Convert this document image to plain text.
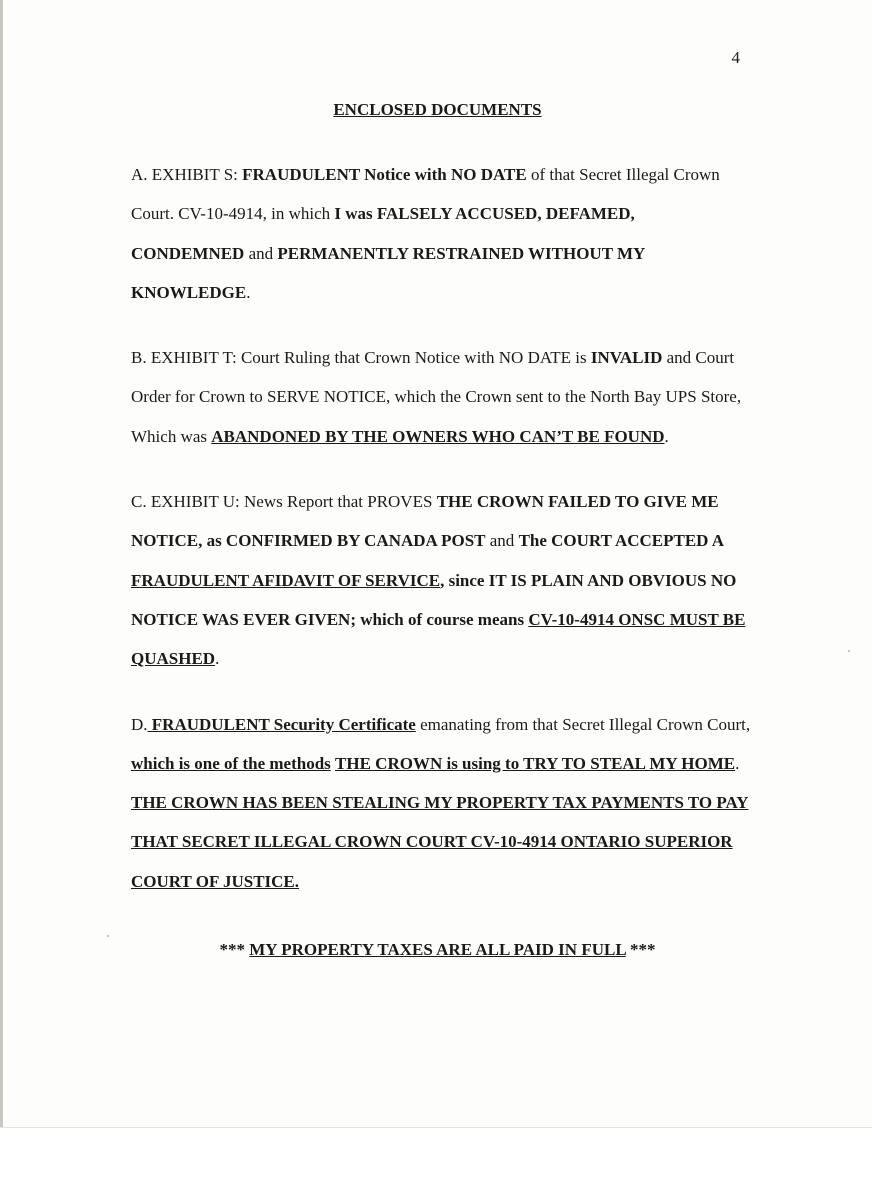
4
ENCLOSED DOCUMENTS

A. EXHIBIT S: FRAUDULENT Notice with NO DATE of that Secret Illegal Crown Court. CV-10-4914, in which I was FALSELY ACCUSED, DEFAMED, CONDEMNED and PERMANENTLY RESTRAINED WITHOUT MY KNOWLEDGE.

B. EXHIBIT T: Court Ruling that Crown Notice with NO DATE is INVALID and Court Order for Crown to SERVE NOTICE, which the Crown sent to the North Bay UPS Store, Which was ABANDONED BY THE OWNERS WHO CAN’T BE FOUND.

C. EXHIBIT U: News Report that PROVES THE CROWN FAILED TO GIVE ME NOTICE, as CONFIRMED BY CANADA POST and The COURT ACCEPTED A FRAUDULENT AFIDAVIT OF SERVICE, since IT IS PLAIN AND OBVIOUS NO NOTICE WAS EVER GIVEN; which of course means CV-10-4914 ONSC MUST BE QUASHED.

D. FRAUDULENT Security Certificate emanating from that Secret Illegal Crown Court, which is one of the methods THE CROWN is using to TRY TO STEAL MY HOME.

THE CROWN HAS BEEN STEALING MY PROPERTY TAX PAYMENTS TO PAY THAT SECRET ILLEGAL CROWN COURT CV-10-4914 ONTARIO SUPERIOR COURT OF JUSTICE.

*** MY PROPERTY TAXES ARE ALL PAID IN FULL ***
